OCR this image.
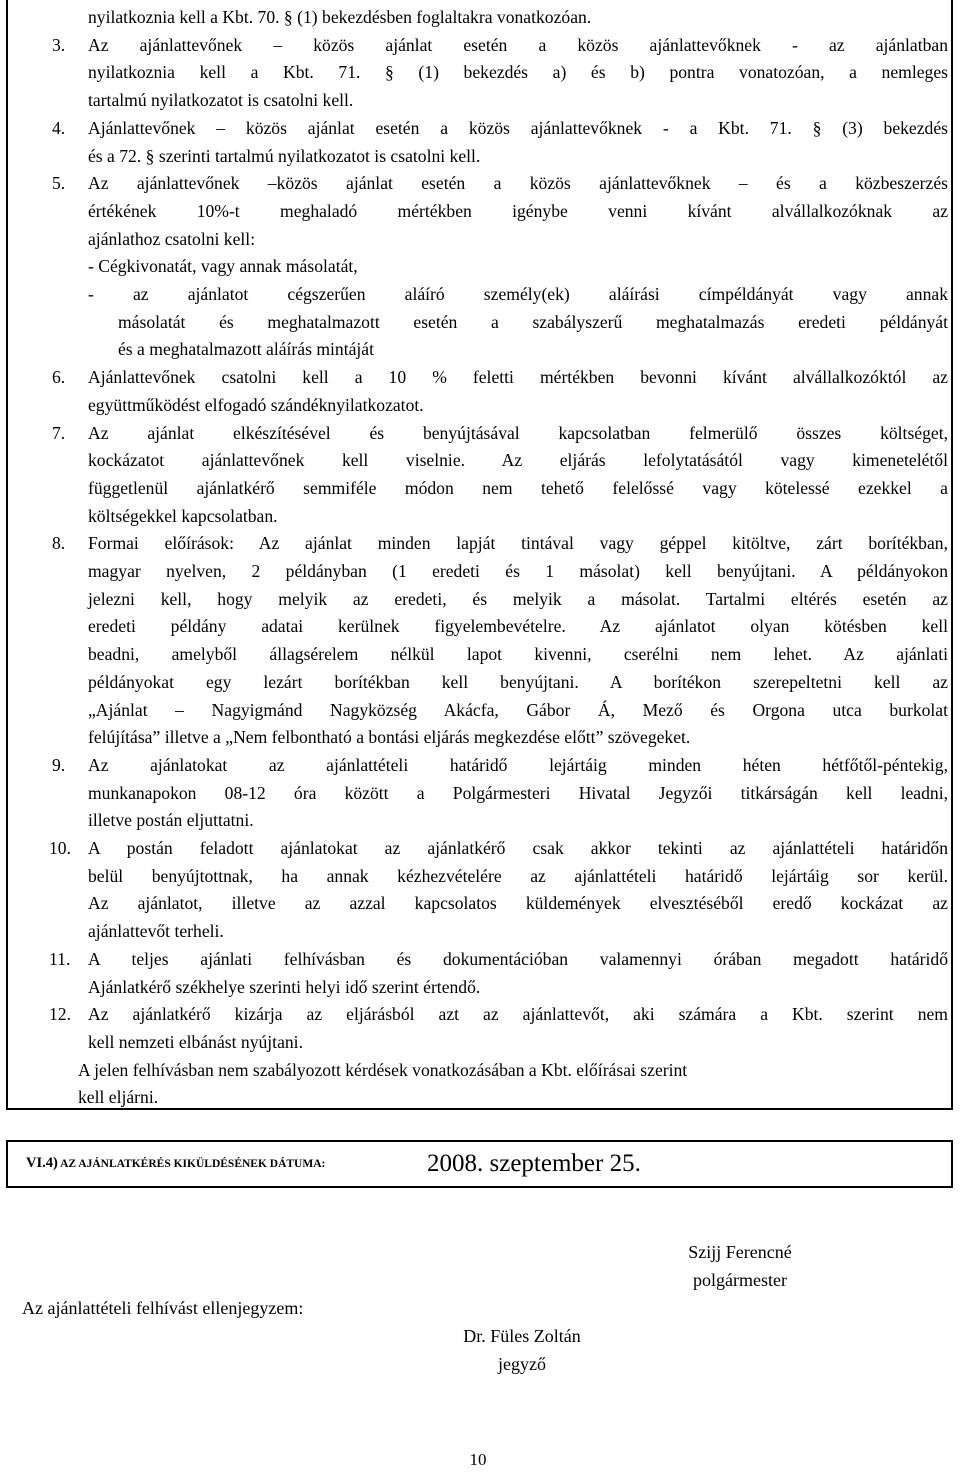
nyilatkoznia kell a Kbt. 70. § (1) bekezdésben foglaltakra vonatkozóan.
Az ajánlattevőnek – közös ajánlat esetén a közös ajánlattevőknek - az ajánlatban
3.
nyilatkoznia kell a Kbt. 71. § (1) bekezdés a) és b) pontra vonatozóan, a nemleges
tartalmú nyilatkozatot is csatolni kell.
Ajánlattevőnek – közös ajánlat esetén a közös ajánlattevőknek - a Kbt. 71. § (3) bekezdés
4.
és a 72. § szerinti tartalmú nyilatkozatot is csatolni kell.
Az ajánlattevőnek –közös ajánlat esetén a közös ajánlattevőknek – és a közbeszerzés
5.
értékének 10%-t meghaladó mértékben igénybe venni kívánt alvállalkozóknak az
ajánlathoz csatolni kell:
- Cégkivonatát, vagy annak másolatát,
- az ajánlatot cégszerűen aláíró személy(ek) aláírási címpéldányát vagy annak
másolatát és meghatalmazott esetén a szabályszerű meghatalmazás eredeti példányát
és a meghatalmazott aláírás mintáját
Ajánlattevőnek csatolni kell a 10 % feletti mértékben bevonni kívánt alvállalkozóktól az
6.
együttműködést elfogadó szándéknyilatkozatot.
Az ajánlat elkészítésével és benyújtásával kapcsolatban felmerülő összes költséget,
7.
kockázatot ajánlattevőnek kell viselnie. Az eljárás lefolytatásától vagy kimenetelétől
függetlenül ajánlatkérő semmiféle módon nem tehető felelőssé vagy kötelessé ezekkel a
költségekkel kapcsolatban.
Formai előírások: Az ajánlat minden lapját tintával vagy géppel kitöltve, zárt borítékban,
8.
magyar nyelven, 2 példányban (1 eredeti és 1 másolat) kell benyújtani. A példányokon
jelezni kell, hogy melyik az eredeti, és melyik a másolat. Tartalmi eltérés esetén az
eredeti példány adatai kerülnek figyelembevételre. Az ajánlatot olyan kötésben kell
beadni, amelyből állagsérelem nélkül lapot kivenni, cserélni nem lehet. Az ajánlati
példányokat egy lezárt borítékban kell benyújtani. A borítékon szerepeltetni kell az
„Ajánlat – Nagyigmánd Nagyközség Akácfa, Gábor Á, Mező és Orgona utca burkolat
felújítása” illetve a „Nem felbontható a bontási eljárás megkezdése előtt” szövegeket.
Az ajánlatokat az ajánlattételi határidő lejártáig minden héten hétfőtől-péntekig,
9.
munkanapokon 08-12 óra között a Polgármesteri Hivatal Jegyzői titkárságán kell leadni,
illetve postán eljuttatni.
A postán feladott ajánlatokat az ajánlatkérő csak akkor tekinti az ajánlattételi határidőn
10.
belül benyújtottnak, ha annak kézhezvételére az ajánlattételi határidő lejártáig sor kerül.
Az ajánlatot, illetve az azzal kapcsolatos küldemények elvesztéséből eredő kockázat az
ajánlattevőt terheli.
A teljes ajánlati felhívásban és dokumentációban valamennyi órában megadott határidő
11.
Ajánlatkérő székhelye szerinti helyi idő szerint értendő.
Az ajánlatkérő kizárja az eljárásból azt az ajánlattevőt, aki számára a Kbt. szerint nem
12.
kell nemzeti elbánást nyújtani.
A jelen felhívásban nem szabályozott kérdések vonatkozásában a Kbt. előírásai szerint
kell eljárni.
VI.4) AZ AJÁNLATKÉRÉS KIKÜLDÉSÉNEK DÁTUMA:	2008. szeptember 25.
Szijj Ferencné
polgármester
Az ajánlattételi felhívást ellenjegyzem:
Dr. Füles Zoltán
jegyző
10
